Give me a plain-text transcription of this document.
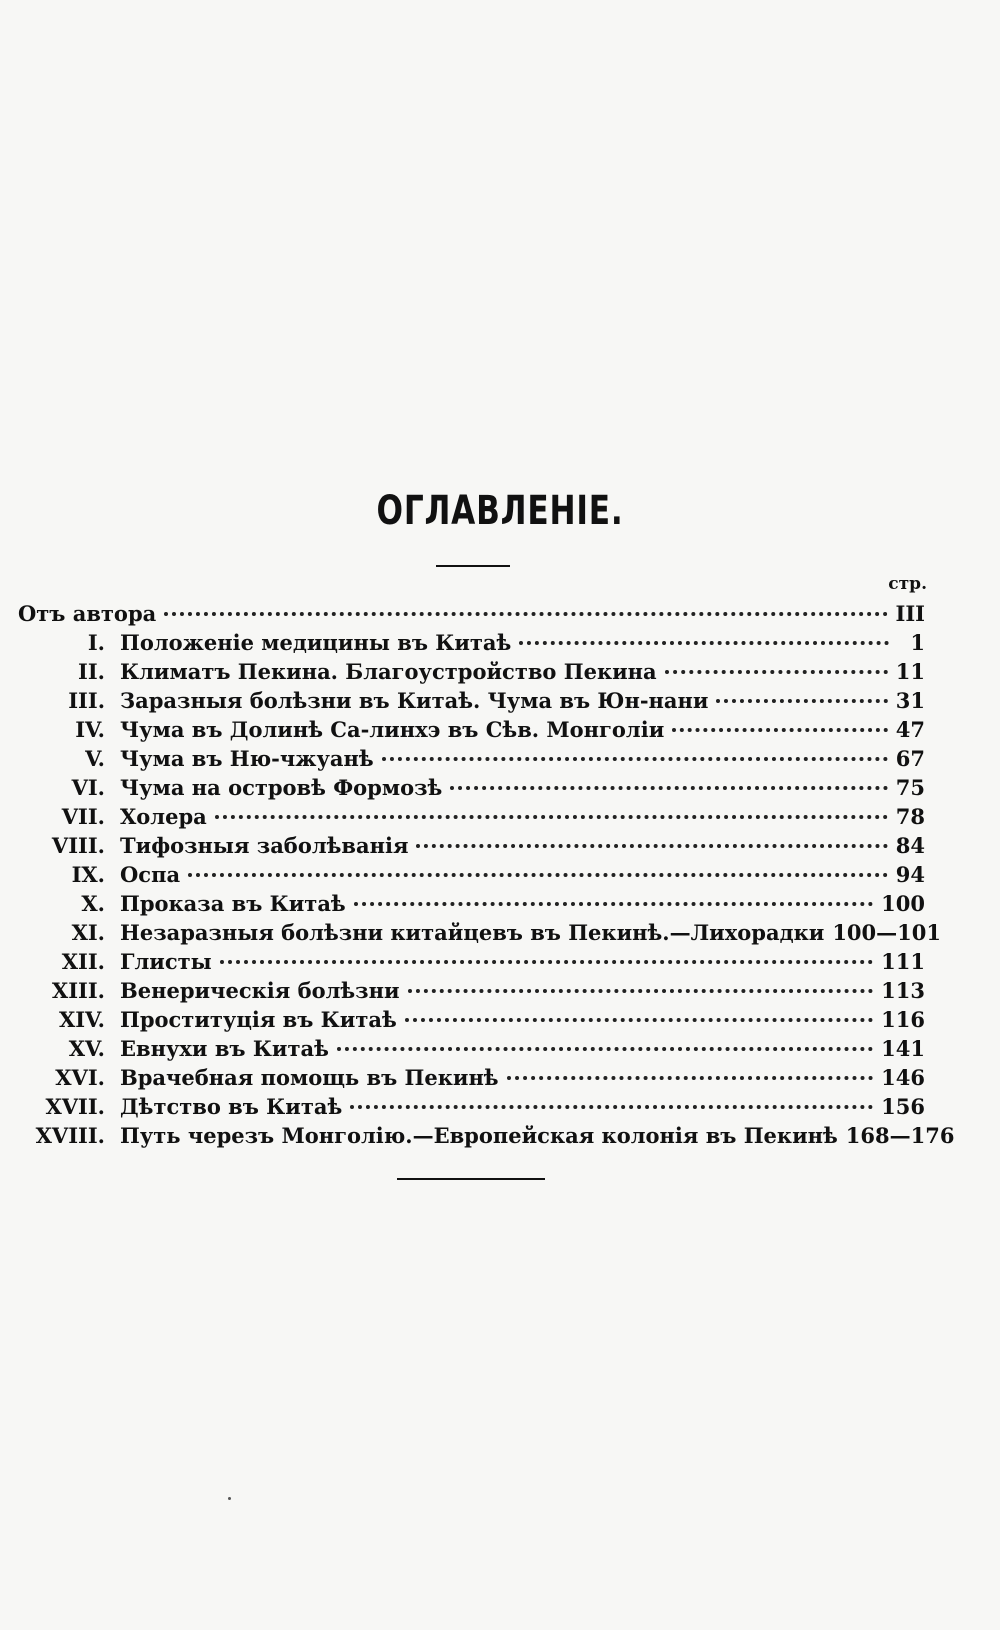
ОГЛАВЛЕНІЕ.
стр.
Отъ автора	III
I. Положеніе медицины въ Китаѣ	1
II. Климатъ Пекина. Благоустройство Пекина	11
III. Заразныя болѣзни въ Китаѣ. Чума въ Юн-нани	31
IV. Чума въ Долинѣ Са-линхэ въ Сѣв. Монголіи	47
V. Чума въ Ню-чжуанѣ	67
VI. Чума на островѣ Формозѣ	75
VII. Холера	78
VIII. Тифозныя заболѣванія	84
IX. Оспа	94
X. Проказа въ Китаѣ	100
XI. Незаразныя болѣзни китайцевъ въ Пекинѣ.—Лихорадки 100—101
XII. Глисты	111
XIII. Венерическія болѣзни	113
XIV. Проституція въ Китаѣ	116
XV. Евнухи въ Китаѣ	141
XVI. Врачебная помощь въ Пекинѣ	146
XVII. Дѣтство въ Китаѣ	156
XVIII. Путь черезъ Монголію.—Европейская колонія въ Пекинѣ 168—176
